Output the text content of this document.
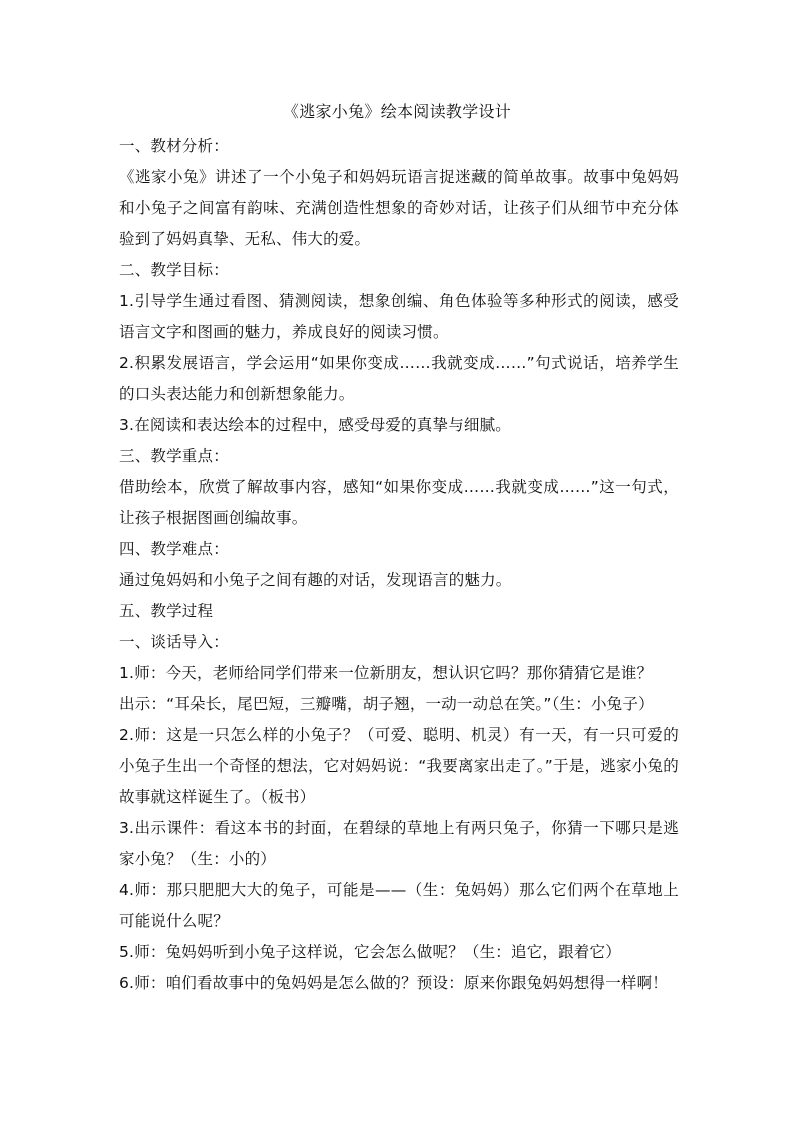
《逃家小兔》绘本阅读教学设计

一、教材分析：

《逃家小兔》讲述了一个小兔子和妈妈玩语言捉迷藏的简单故事。故事中兔妈妈和小兔子之间富有韵味、充满创造性想象的奇妙对话，让孩子们从细节中充分体验到了妈妈真挚、无私、伟大的爱。

二、教学目标：

1.引导学生通过看图、猜测阅读，想象创编、角色体验等多种形式的阅读，感受语言文字和图画的魅力，养成良好的阅读习惯。

2.积累发展语言，学会运用“如果你变成……我就变成……”句式说话，培养学生的口头表达能力和创新想象能力。

3.在阅读和表达绘本的过程中，感受母爱的真挚与细腻。

三、教学重点：

借助绘本，欣赏了解故事内容，感知“如果你变成……我就变成……”这一句式，让孩子根据图画创编故事。

四、教学难点：

通过兔妈妈和小兔子之间有趣的对话，发现语言的魅力。

五、教学过程

一、谈话导入：

1.师：今天，老师给同学们带来一位新朋友，想认识它吗？那你猜猜它是谁？

出示：“耳朵长，尾巴短，三瓣嘴，胡子翘，一动一动总在笑。”（生：小兔子）

2.师：这是一只怎么样的小兔子？（可爱、聪明、机灵）有一天，有一只可爱的小兔子生出一个奇怪的想法，它对妈妈说：“我要离家出走了。”于是，逃家小兔的故事就这样诞生了。（板书）

3.出示课件：看这本书的封面，在碧绿的草地上有两只兔子，你猜一下哪只是逃家小兔？（生：小的）

4.师：那只肥肥大大的兔子，可能是——（生：兔妈妈）那么它们两个在草地上可能说什么呢？

5.师：兔妈妈听到小兔子这样说，它会怎么做呢？（生：追它，跟着它）

6.师：咱们看故事中的兔妈妈是怎么做的？预设：原来你跟兔妈妈想得一样啊！
